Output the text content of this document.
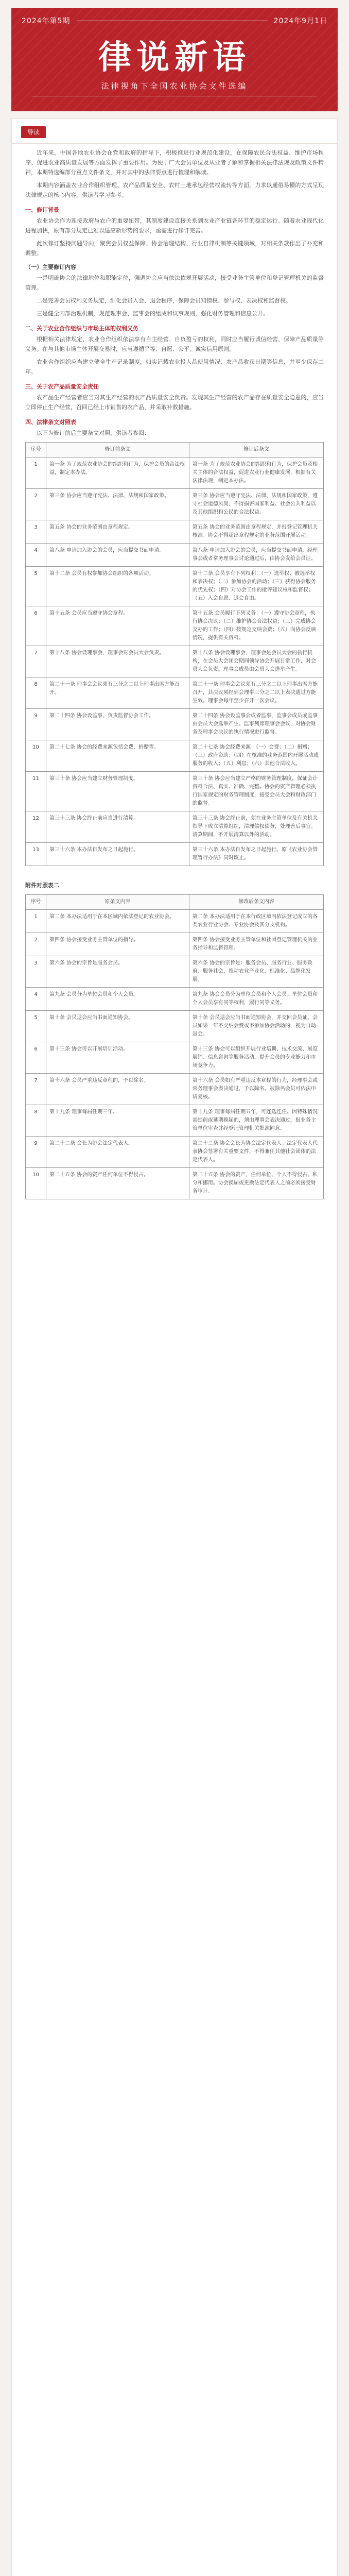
2024年第5期	2024年9月1日
律说新语
法律视角下全国农业协会文件选编
导读

近年来，中国各地农业协会在党和政府的指导下，积极推进行业规范化建设，在保障农民合法权益、维护市场秩序、促进农业高质量发展等方面发挥了重要作用。为便于广大会员单位及从业者了解和掌握相关法律法规及政策文件精神，本期特选编部分重点文件条文，并对其中的法律要点进行梳理和解读。

本期内容涵盖农业合作组织管理、农产品质量安全、农村土地承包经营权流转等方面，力求以通俗易懂的方式呈现法律规定的核心内容，供读者学习参考。

一、修订背景

农业协会作为连接政府与农户的重要纽带，其制度建设直接关系到农业产业链各环节的稳定运行。随着农业现代化进程加快，原有部分规定已难以适应新形势的要求，亟需进行修订完善。

此次修订坚持问题导向，聚焦会员权益保障、协会治理结构、行业自律机制等关键领域，对相关条款作出了补充和调整。

（一）主要修订内容

一是明确协会的法律地位和职能定位，强调协会应当依法依规开展活动，接受业务主管单位和登记管理机关的监督管理。

二是完善会员权利义务规定，细化会员入会、退会程序，保障会员知情权、参与权、表决权和监督权。

三是健全内部治理机制，规范理事会、监事会的组成和议事规则，强化财务管理和信息公开。

二、关于农业合作组织与市场主体的权利义务

根据相关法律规定，农业合作组织依法享有自主经营、自负盈亏的权利，同时应当履行诚信经营、保障产品质量等义务。在与其他市场主体开展交易时，应当遵循平等、自愿、公平、诚实信用原则。

农业合作组织应当建立健全生产记录制度，如实记载农业投入品使用情况、农产品收获日期等信息，并至少保存二年。

三、关于农产品质量安全责任

农产品生产经营者应当对其生产经营的农产品质量安全负责。发现其生产经营的农产品存在质量安全隐患的，应当立即停止生产经营，召回已经上市销售的农产品，并采取补救措施。

四、法律条文对照表

以下为修订前后主要条文对照，供读者参阅：

序号	修订前条文	修订后条文
1	第一条 为了规范农业协会的组织和行为，保护会员的合法权益，制定本办法。	第一条 为了规范农业协会的组织和行为，保护会员及相关主体的合法权益，促进农业行业健康发展，根据有关法律法规，制定本办法。
2	第三条 协会应当遵守宪法、法律、法规和国家政策。	第三条 协会应当遵守宪法、法律、法规和国家政策，遵守社会道德风尚，不得损害国家利益、社会公共利益以及其他组织和公民的合法权益。
3	第五条 协会的业务范围由章程规定。	第五条 协会的业务范围由章程规定，并报登记管理机关核准。协会不得超出章程规定的业务范围开展活动。
4	第八条 申请加入协会的会员，应当提交书面申请。	第八条 申请加入协会的会员，应当提交书面申请，经理事会或者常务理事会讨论通过后，由协会发给会员证。
5	第十二条 会员有权参加协会组织的各项活动。	第十二条 会员享有下列权利：（一）选举权、被选举权和表决权；（二）参加协会的活动；（三）获得协会服务的优先权；（四）对协会工作的批评建议权和监督权；（五）入会自愿、退会自由。
6	第十五条 会员应当遵守协会章程。	第十五条 会员履行下列义务：（一）遵守协会章程，执行协会决议；（二）维护协会合法权益；（三）完成协会交办的工作；（四）按规定交纳会费；（五）向协会反映情况，提供有关资料。
7	第十八条 协会设理事会，理事会对会员大会负责。	第十八条 协会设理事会，理事会是会员大会的执行机构，在会员大会闭会期间领导协会开展日常工作，对会员大会负责。理事会成员由会员大会选举产生。
8	第二十一条 理事会会议须有三分之二以上理事出席方能召开。	第二十一条 理事会会议须有三分之二以上理事出席方能召开，其决议须经到会理事三分之二以上表决通过方能生效。理事会每年至少召开一次会议。
9	第二十四条 协会设监事，负责监督协会工作。	第二十四条 协会设监事会或者监事，监事会成员或监事由会员大会选举产生。监事列席理事会会议，对协会财务及理事会决议的执行情况进行监督。
10	第二十七条 协会的经费来源包括会费、捐赠等。	第二十七条 协会经费来源：（一）会费；（二）捐赠；（三）政府资助；（四）在核准的业务范围内开展活动或服务的收入；（五）利息；（六）其他合法收入。
11	第三十条 协会应当建立财务管理制度。	第三十条 协会应当建立严格的财务管理制度，保证会计资料合法、真实、准确、完整。协会的资产管理必须执行国家规定的财务管理制度，接受会员大会和财政部门的监督。
12	第三十三条 协会终止前应当进行清算。	第三十三条 协会终止前，须在业务主管单位及有关机关指导下成立清算组织，清理债权债务，处理善后事宜。清算期间，不开展清算以外的活动。
13	第三十六条 本办法自发布之日起施行。	第三十六条 本办法自发布之日起施行。原《农业协会管理暂行办法》同时废止。
附件对照表二
序号	原条文内容	修改后条文内容
1	第二条 本办法适用于在本区域内依法登记的农业协会。	第二条 本办法适用于在本行政区域内依法登记成立的各类农业行业协会、专业协会及其分支机构。
2	第四条 协会接受业务主管单位的指导。	第四条 协会接受业务主管单位和社团登记管理机关的业务指导和监督管理。
3	第六条 协会的宗旨是服务会员。	第六条 协会的宗旨是：服务会员、服务行业、服务政府、服务社会，推动农业产业化、标准化、品牌化发展。
4	第九条 会员分为单位会员和个人会员。	第九条 协会会员分为单位会员和个人会员。单位会员和个人会员享有同等权利，履行同等义务。
5	第十条 会员退会应当书面通知协会。	第十条 会员退会应当书面通知协会，并交回会员证。会员如果一年不交纳会费或不参加协会活动的，视为自动退会。
6	第十三条 协会可以开展培训活动。	第十三条 协会可以组织开展行业培训、技术交流、展览展销、信息咨询等服务活动，提升会员的专业能力和市场竞争力。
7	第十六条 会员严重违反章程的，予以除名。	第十六条 会员如有严重违反本章程的行为，经理事会或常务理事会表决通过，予以除名。被除名会员可依法申请复核。
8	第十九条 理事每届任期三年。	第十九条 理事每届任期五年，可连选连任。因特殊情况需提前或延期换届的，须由理事会表决通过，报业务主管单位审查并经登记管理机关批准同意。
9	第二十二条 会长为协会法定代表人。	第二十二条 协会会长为协会法定代表人。法定代表人代表协会签署有关重要文件，不得兼任其他社会团体的法定代表人。
10	第二十五条 协会的资产任何单位不得侵占。	第二十五条 协会的资产，任何单位、个人不得侵占、私分和挪用。协会换届或更换法定代表人之前必须接受财务审计。
